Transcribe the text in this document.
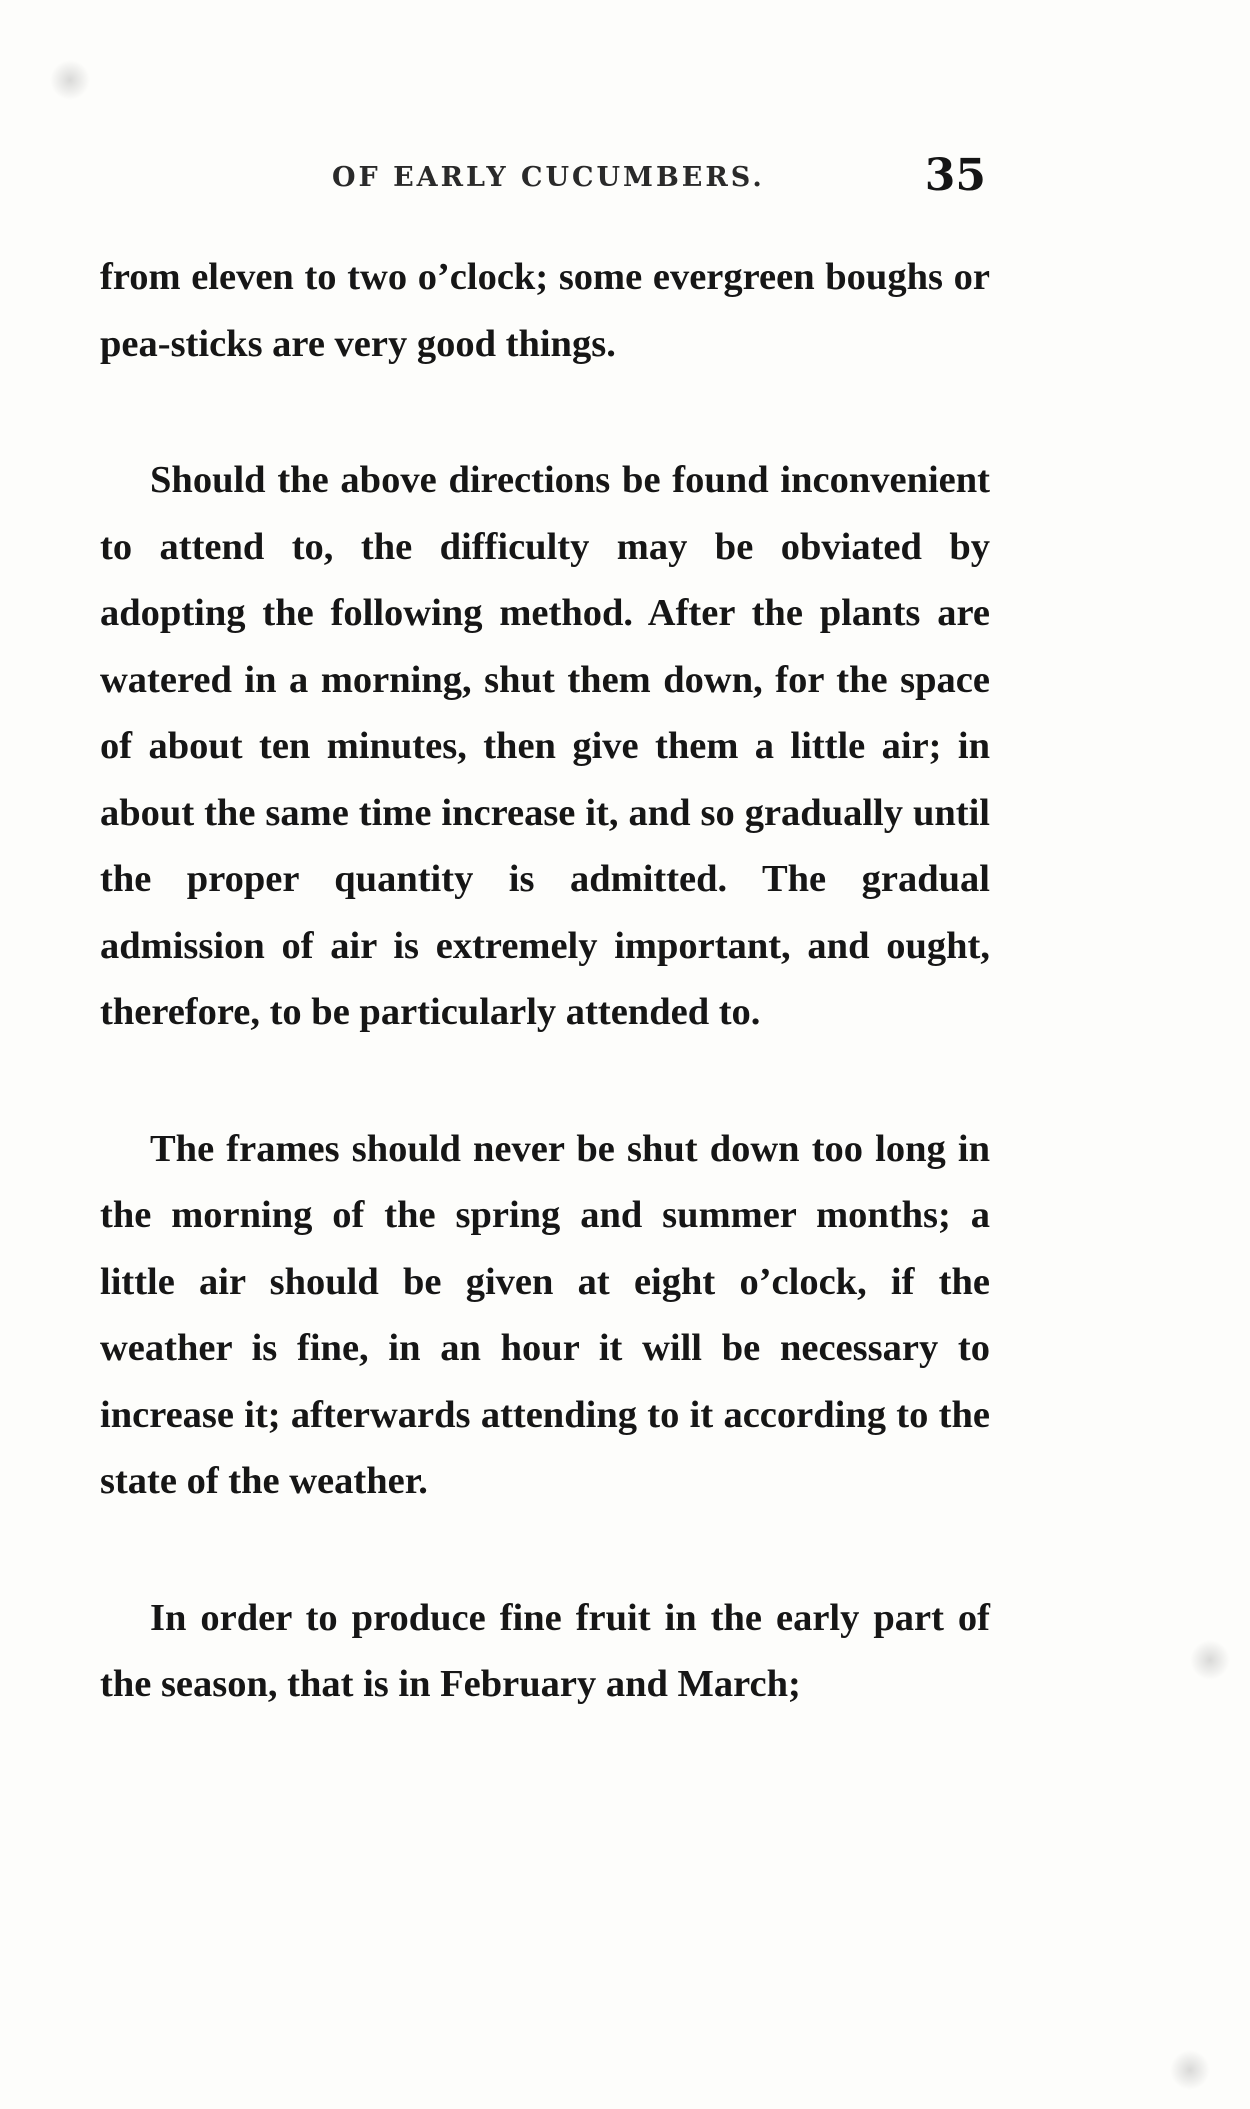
OF EARLY CUCUMBERS.	35

from eleven to two o’clock; some evergreen boughs or pea-sticks are very good things.

Should the above directions be found inconvenient to attend to, the difficulty may be obviated by adopting the following method. After the plants are watered in a morning, shut them down, for the space of about ten minutes, then give them a little air; in about the same time increase it, and so gradually until the proper quantity is admitted. The gradual admission of air is extremely important, and ought, therefore, to be particularly attended to.

The frames should never be shut down too long in the morning of the spring and summer months; a little air should be given at eight o’clock, if the weather is fine, in an hour it will be necessary to increase it; afterwards attending to it according to the state of the weather.

In order to produce fine fruit in the early part of the season, that is in February and March;
